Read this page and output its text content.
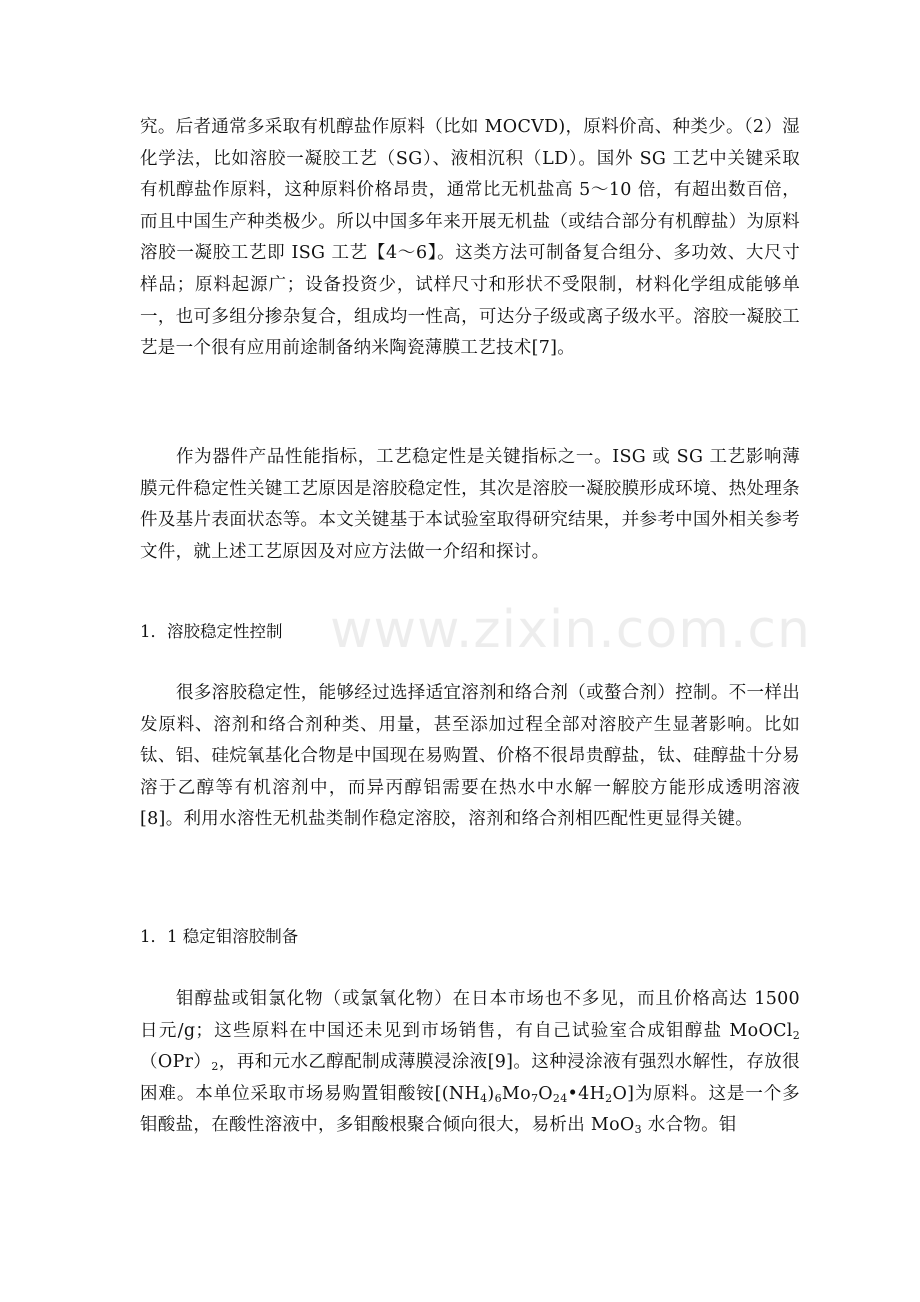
究。后者通常多采取有机醇盐作原料（比如 MOCVD)，原料价高、种类少。（2）湿化学法，比如溶胶一凝胶工艺（SG）、液相沉积（LD）。国外 SG 工艺中关键采取有机醇盐作原料，这种原料价格昂贵，通常比无机盐高 5～10 倍，有超出数百倍，而且中国生产种类极少。所以中国多年来开展无机盐（或结合部分有机醇盐）为原料溶胶一凝胶工艺即 ISG 工艺【4～6】。这类方法可制备复合组分、多功效、大尺寸样品；原料起源广；设备投资少，试样尺寸和形状不受限制，材料化学组成能够单一，也可多组分掺杂复合，组成均一性高，可达分子级或离子级水平。溶胶一凝胶工艺是一个很有应用前途制备纳米陶瓷薄膜工艺技术[7]。

作为器件产品性能指标，工艺稳定性是关键指标之一。ISG 或 SG 工艺影响薄膜元件稳定性关键工艺原因是溶胶稳定性，其次是溶胶一凝胶膜形成环境、热处理条件及基片表面状态等。本文关键基于本试验室取得研究结果，并参考中国外相关参考文件，就上述工艺原因及对应方法做一介绍和探讨。

1．溶胶稳定性控制

很多溶胶稳定性，能够经过选择适宜溶剂和络合剂（或螯合剂）控制。不一样出发原料、溶剂和络合剂种类、用量，甚至添加过程全部对溶胶产生显著影响。比如钛、铝、硅烷氧基化合物是中国现在易购置、价格不很昂贵醇盐，钛、硅醇盐十分易溶于乙醇等有机溶剂中，而异丙醇铝需要在热水中水解一解胶方能形成透明溶液[8]。利用水溶性无机盐类制作稳定溶胶，溶剂和络合剂相匹配性更显得关键。

1．1 稳定钼溶胶制备

钼醇盐或钼氯化物（或氯氧化物）在日本市场也不多见，而且价格高达 1500 日元/g；这些原料在中国还未见到市场销售，有自己试验室合成钼醇盐 $MoOCl_2(OPr)_2$，再和元水乙醇配制成薄膜浸涂液[9]。这种浸涂液有强烈水解性，存放很困难。本单位采取市场易购置钼酸铵$[(NH_4)_6Mo_7O_{24}•4H_2O]$为原料。这是一个多钼酸盐，在酸性溶液中，多钼酸根聚合倾向很大，易析出 MoO$_3$ 水合物。钼

www.zixin.com.cn
